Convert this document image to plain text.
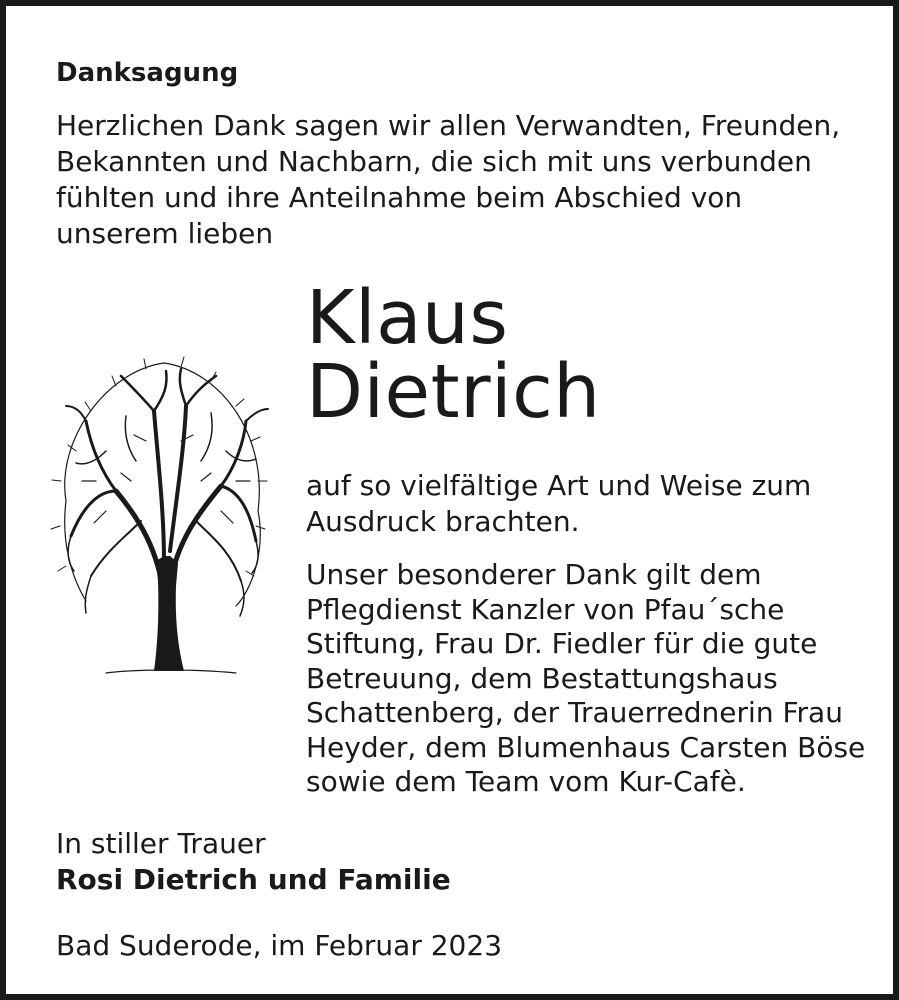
Danksagung
Herzlichen Dank sagen wir allen Verwandten, Freunden, Bekannten und Nachbarn, die sich mit uns verbunden fühlten und ihre Anteilnahme beim Abschied von unserem lieben
Klaus
Dietrich
auf so vielfältige Art und Weise zum Ausdruck brachten.
Unser besonderer Dank gilt dem Pflegdienst Kanzler von Pfau´sche Stiftung, Frau Dr. Fiedler für die gute Betreuung, dem Bestattungshaus Schattenberg, der Trauerrednerin Frau Heyder, dem Blumenhaus Carsten Böse sowie dem Team vom Kur-Cafè.
In stiller Trauer
Rosi Dietrich und Familie
Bad Suderode, im Februar 2023
